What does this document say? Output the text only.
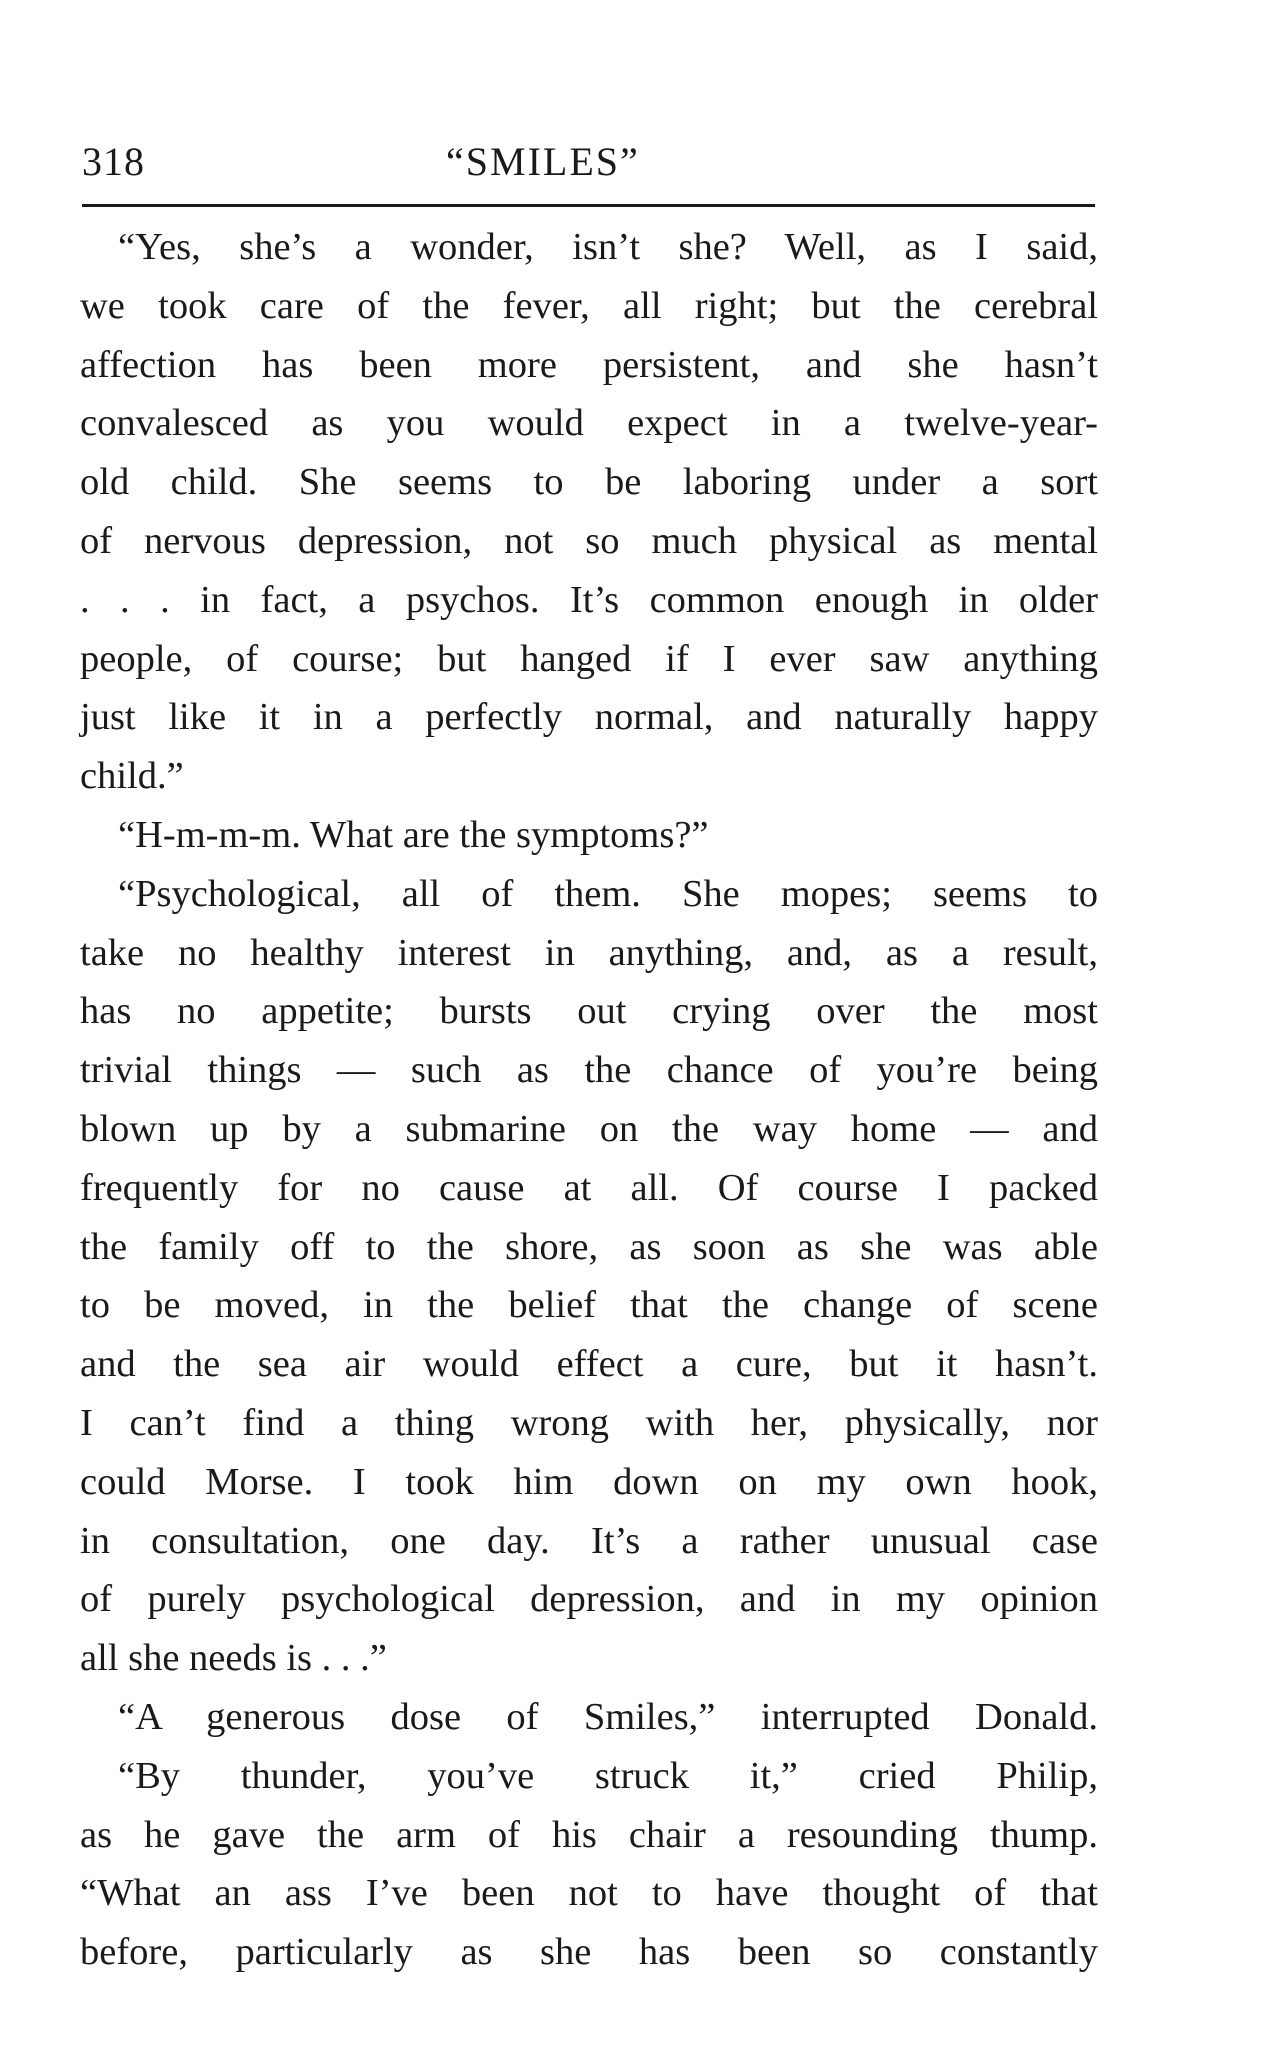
318	“SMILES”
“Yes, she’s a wonder, isn’t she? Well, as I said,
we took care of the fever, all right; but the cerebral
affection has been more persistent, and she hasn’t
convalesced as you would expect in a twelve-year-
old child. She seems to be laboring under a sort
of nervous depression, not so much physical as mental
. . . in fact, a psychos. It’s common enough in older
people, of course; but hanged if I ever saw anything
just like it in a perfectly normal, and naturally happy
child.”
“H-m-m-m. What are the symptoms?”
“Psychological, all of them. She mopes; seems to
take no healthy interest in anything, and, as a result,
has no appetite; bursts out crying over the most
trivial things — such as the chance of you’re being
blown up by a submarine on the way home — and
frequently for no cause at all. Of course I packed
the family off to the shore, as soon as she was able
to be moved, in the belief that the change of scene
and the sea air would effect a cure, but it hasn’t.
I can’t find a thing wrong with her, physically, nor
could Morse. I took him down on my own hook,
in consultation, one day. It’s a rather unusual case
of purely psychological depression, and in my opinion
all she needs is . . .”
“A generous dose of Smiles,” interrupted Donald.
“By thunder, you’ve struck it,” cried Philip,
as he gave the arm of his chair a resounding thump.
“What an ass I’ve been not to have thought of that
before, particularly as she has been so constantly
